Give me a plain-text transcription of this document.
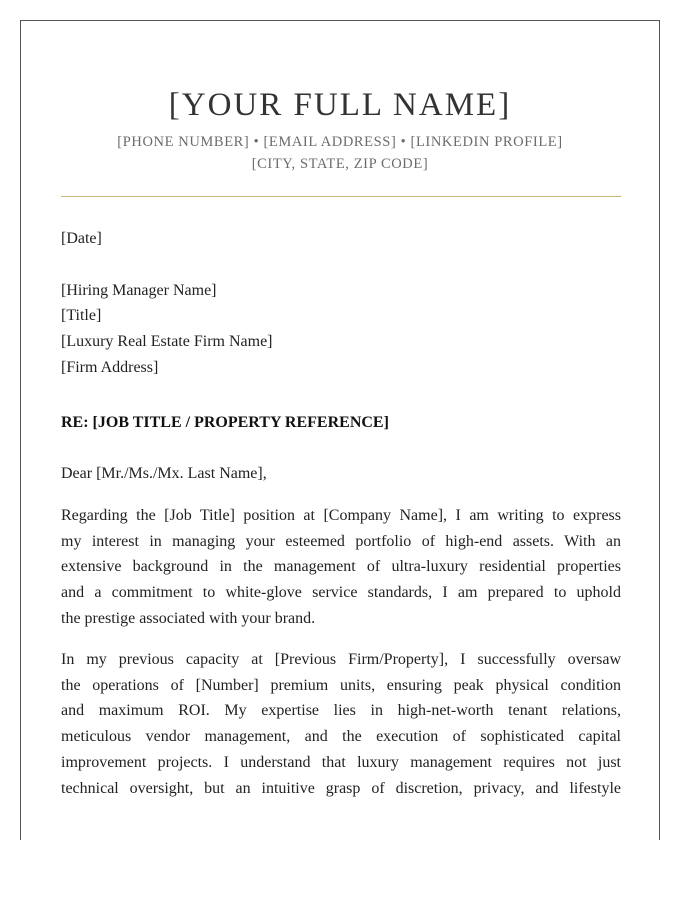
[YOUR FULL NAME]
[PHONE NUMBER] • [EMAIL ADDRESS] • [LINKEDIN PROFILE]
[CITY, STATE, ZIP CODE]
[Date]
[Hiring Manager Name]
[Title]
[Luxury Real Estate Firm Name]
[Firm Address]
RE: [JOB TITLE / PROPERTY REFERENCE]
Dear [Mr./Ms./Mx. Last Name],
Regarding the [Job Title] position at [Company Name], I am writing to express
my interest in managing your esteemed portfolio of high-end assets. With an
extensive background in the management of ultra-luxury residential properties
and a commitment to white-glove service standards, I am prepared to uphold
the prestige associated with your brand.
In my previous capacity at [Previous Firm/Property], I successfully oversaw
the operations of [Number] premium units, ensuring peak physical condition
and maximum ROI. My expertise lies in high-net-worth tenant relations,
meticulous vendor management, and the execution of sophisticated capital
improvement projects. I understand that luxury management requires not just
technical oversight, but an intuitive grasp of discretion, privacy, and lifestyle
